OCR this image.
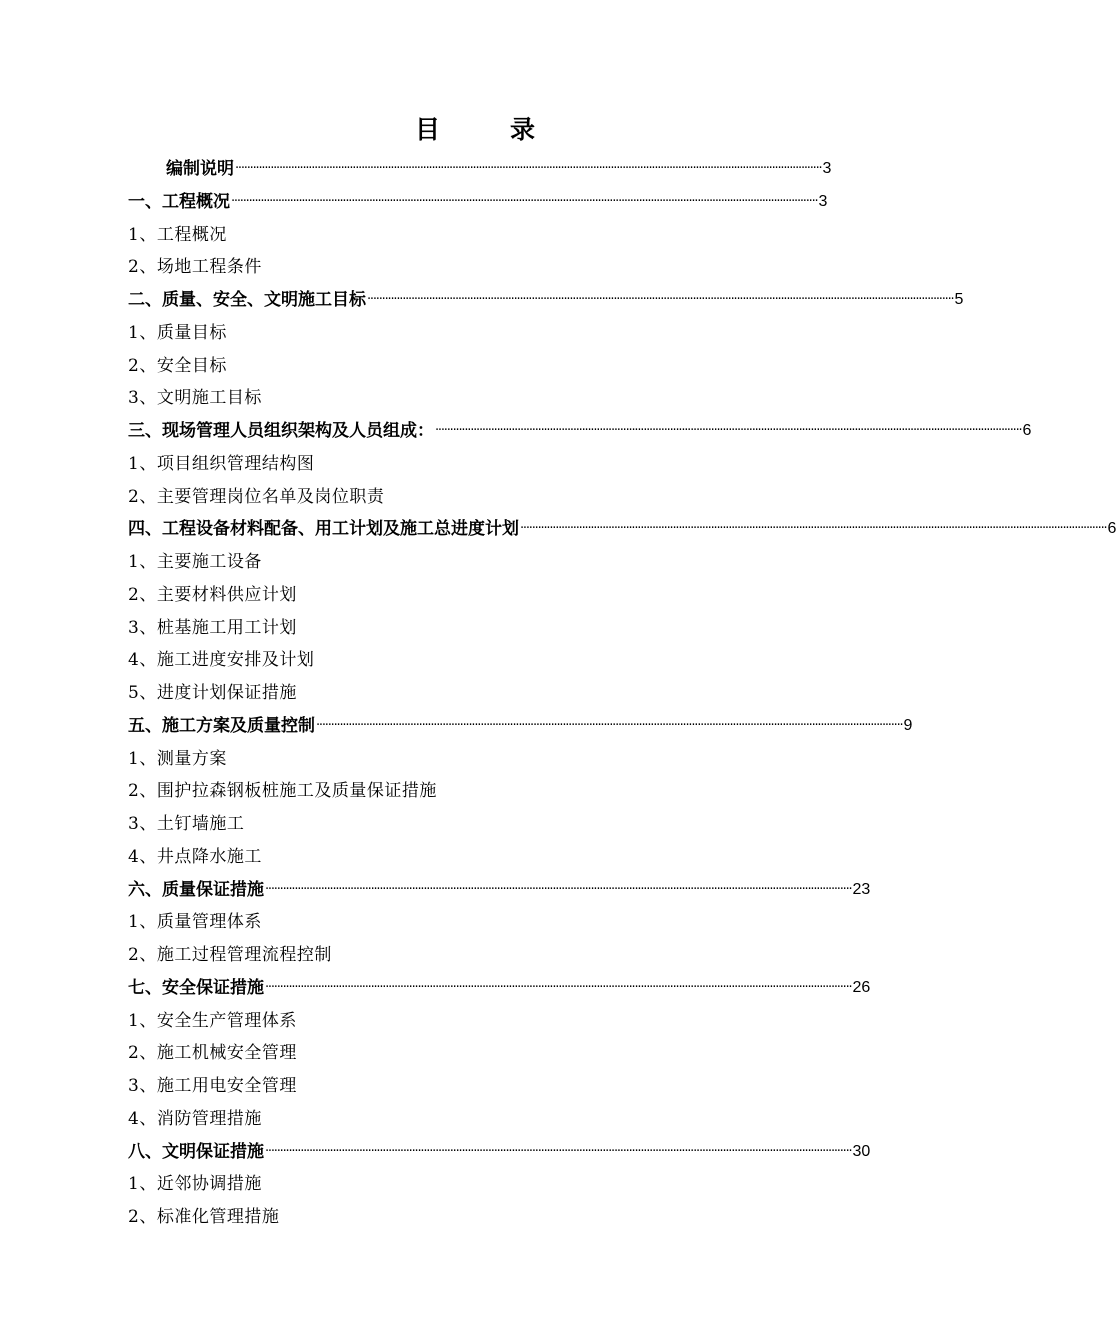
目录
编制说明 ········································································································································································································ 3
一、工程概况 ········································································································································································································ 3
1、工程概况
2、场地工程条件
二、质量、安全、文明施工目标 ········································································································································································································ 5
1、质量目标
2、安全目标
3、文明施工目标
三、现场管理人员组织架构及人员组成： ········································································································································································································ 6
1、项目组织管理结构图
2、主要管理岗位名单及岗位职责
四、工程设备材料配备、用工计划及施工总进度计划 ········································································································································································································ 6
1、主要施工设备
2、主要材料供应计划
3、桩基施工用工计划
4、施工进度安排及计划
5、进度计划保证措施
五、施工方案及质量控制 ········································································································································································································ 9
1、测量方案
2、围护拉森钢板桩施工及质量保证措施
3、土钉墙施工
4、井点降水施工
六、质量保证措施 ········································································································································································································ 23
1、质量管理体系
2、施工过程管理流程控制
七、安全保证措施 ········································································································································································································ 26
1、安全生产管理体系
2、施工机械安全管理
3、施工用电安全管理
4、消防管理措施
八、文明保证措施 ········································································································································································································ 30
1、近邻协调措施
2、标准化管理措施
